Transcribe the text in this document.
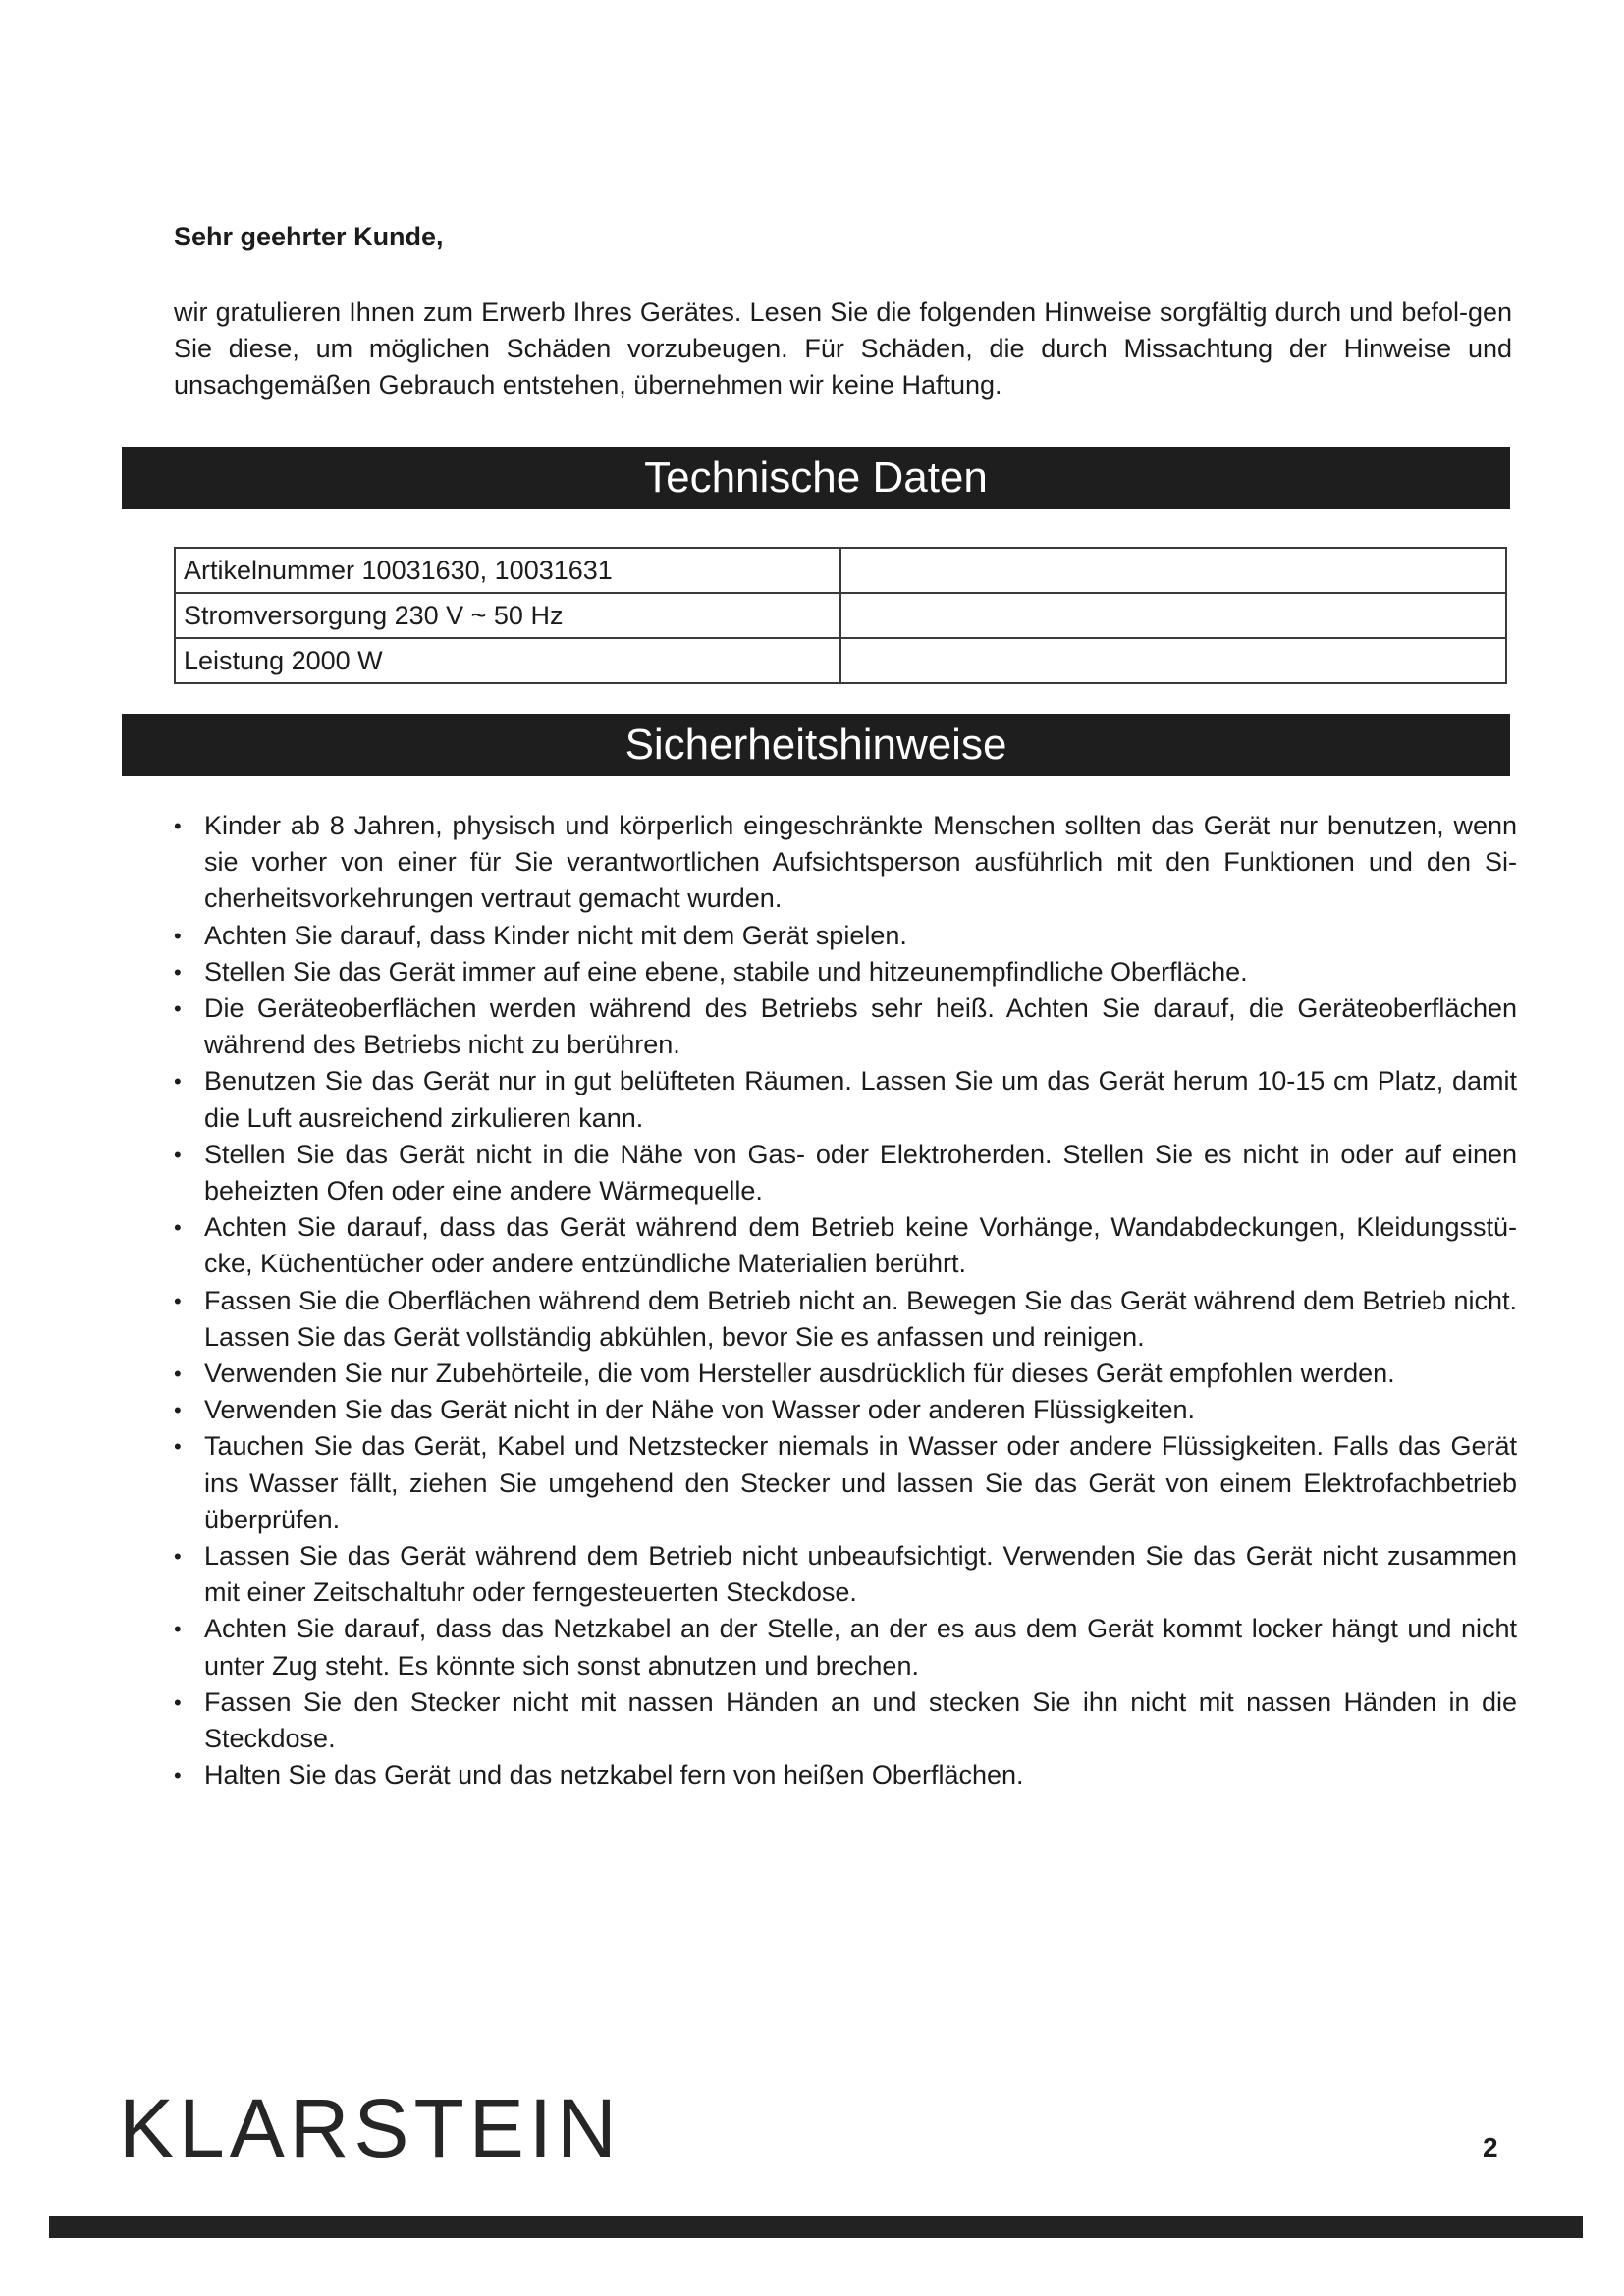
Sehr geehrter Kunde,

wir gratulieren Ihnen zum Erwerb Ihres Gerätes. Lesen Sie die folgenden Hinweise sorgfältig durch und befol-gen Sie diese, um möglichen Schäden vorzubeugen. Für Schäden, die durch Missachtung der Hinweise und unsachgemäßen Gebrauch entstehen, übernehmen wir keine Haftung.

Technische Daten
Artikelnummer 10031630, 10031631	
Stromversorgung 230 V ~ 50 Hz	
Leistung 2000 W	
Sicherheitshinweise
• Kinder ab 8 Jahren, physisch und körperlich eingeschränkte Menschen sollten das Gerät nur benutzen, wenn sie vorher von einer für Sie verantwortlichen Aufsichtsperson ausführlich mit den Funktionen und den Si-cherheitsvorkehrungen vertraut gemacht wurden.
• Achten Sie darauf, dass Kinder nicht mit dem Gerät spielen.
• Stellen Sie das Gerät immer auf eine ebene, stabile und hitzeunempfindliche Oberfläche.
• Die Geräteoberflächen werden während des Betriebs sehr heiß. Achten Sie darauf, die Geräteoberflächen während des Betriebs nicht zu berühren.
• Benutzen Sie das Gerät nur in gut belüfteten Räumen. Lassen Sie um das Gerät herum 10-15 cm Platz, damit die Luft ausreichend zirkulieren kann.
• Stellen Sie das Gerät nicht in die Nähe von Gas- oder Elektroherden. Stellen Sie es nicht in oder auf einen beheizten Ofen oder eine andere Wärmequelle.
• Achten Sie darauf, dass das Gerät während dem Betrieb keine Vorhänge, Wandabdeckungen, Kleidungsstü-cke, Küchentücher oder andere entzündliche Materialien berührt.
• Fassen Sie die Oberflächen während dem Betrieb nicht an. Bewegen Sie das Gerät während dem Betrieb nicht. Lassen Sie das Gerät vollständig abkühlen, bevor Sie es anfassen und reinigen.
• Verwenden Sie nur Zubehörteile, die vom Hersteller ausdrücklich für dieses Gerät empfohlen werden.
• Verwenden Sie das Gerät nicht in der Nähe von Wasser oder anderen Flüssigkeiten.
• Tauchen Sie das Gerät, Kabel und Netzstecker niemals in Wasser oder andere Flüssigkeiten. Falls das Gerät ins Wasser fällt, ziehen Sie umgehend den Stecker und lassen Sie das Gerät von einem Elektrofachbetrieb überprüfen.
• Lassen Sie das Gerät während dem Betrieb nicht unbeaufsichtigt. Verwenden Sie das Gerät nicht zusammen mit einer Zeitschaltuhr oder ferngesteuerten Steckdose.
• Achten Sie darauf, dass das Netzkabel an der Stelle, an der es aus dem Gerät kommt locker hängt und nicht unter Zug steht. Es könnte sich sonst abnutzen und brechen.
• Fassen Sie den Stecker nicht mit nassen Händen an und stecken Sie ihn nicht mit nassen Händen in die Steckdose.
• Halten Sie das Gerät und das netzkabel fern von heißen Oberflächen.
KLARSTEIN	2
